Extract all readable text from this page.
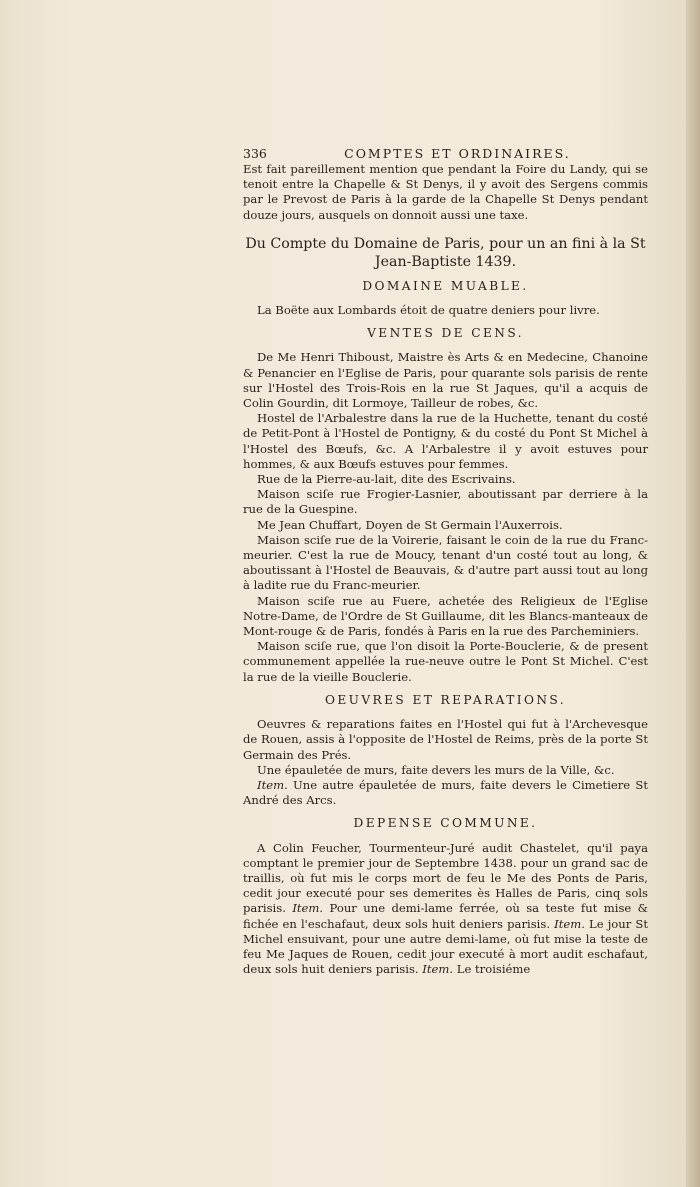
336	COMPTES ET ORDINAIRES.

Est fait pareillement mention que pendant la Foire du Landy, qui se tenoit entre la Chapelle & St Denys, il y avoit des Sergens commis par le Prevost de Paris à la garde de la Chapelle St Denys pendant douze jours, ausquels on donnoit aussi une taxe.

Du Compte du Domaine de Paris, pour un an fini à la St Jean-Baptiste 1439.

DOMAINE MUABLE.

La Boëte aux Lombards étoit de quatre deniers pour livre.

VENTES DE CENS.

De Me Henri Thiboust, Maistre ès Arts & en Medecine, Chanoine & Penancier en l'Eglise de Paris, pour quarante sols parisis de rente sur l'Hostel des Trois-Rois en la rue St Jaques, qu'il a acquis de Colin Gourdin, dit Lormoye, Tailleur de robes, &c.

Hostel de l'Arbalestre dans la rue de la Huchette, tenant du costé de Petit-Pont à l'Hostel de Pontigny, & du costé du Pont St Michel à l'Hostel des Bœufs, &c. A l'Arbalestre il y avoit estuves pour hommes, & aux Bœufs estuves pour femmes.

Rue de la Pierre-au-lait, dite des Escrivains.

Maison sciſe rue Frogier-Lasnier, aboutissant par derriere à la rue de la Guespine.

Me Jean Chuffart, Doyen de St Germain l'Auxerrois.

Maison sciſe rue de la Voirerie, faisant le coin de la rue du Franc-meurier. C'est la rue de Moucy, tenant d'un costé tout au long, & aboutissant à l'Hostel de Beauvais, & d'autre part aussi tout au long à ladite rue du Franc-meurier.

Maison sciſe rue au Fuere, achetée des Religieux de l'Eglise Notre-Dame, de l'Ordre de St Guillaume, dit les Blancs-manteaux de Mont-rouge & de Paris, fondés à Paris en la rue des Parcheminiers.

Maison sciſe rue, que l'on disoit la Porte-Bouclerie, & de present communement appellée la rue-neuve outre le Pont St Michel. C'est la rue de la vieille Bouclerie.

OEUVRES ET REPARATIONS.

Oeuvres & reparations faites en l'Hostel qui fut à l'Archevesque de Rouen, assis à l'opposite de l'Hostel de Reims, près de la porte St Germain des Prés.

Une épauletée de murs, faite devers les murs de la Ville, &c.

Item. Une autre épauletée de murs, faite devers le Cimetiere St André des Arcs.

DEPENSE COMMUNE.

A Colin Feucher, Tourmenteur-Juré audit Chastelet, qu'il paya comptant le premier jour de Septembre 1438. pour un grand sac de traillis, où fut mis le corps mort de feu le Me des Ponts de Paris, cedit jour executé pour ses demerites ès Halles de Paris, cinq sols parisis. Item. Pour une demi-lame ferrée, où sa teste fut mise & fichée en l'eschafaut, deux sols huit deniers parisis. Item. Le jour St Michel ensuivant, pour une autre demi-lame, où fut mise la teste de feu Me Jaques de Rouen, cedit jour executé à mort audit eschafaut, deux sols huit deniers parisis. Item. Le troisiéme
